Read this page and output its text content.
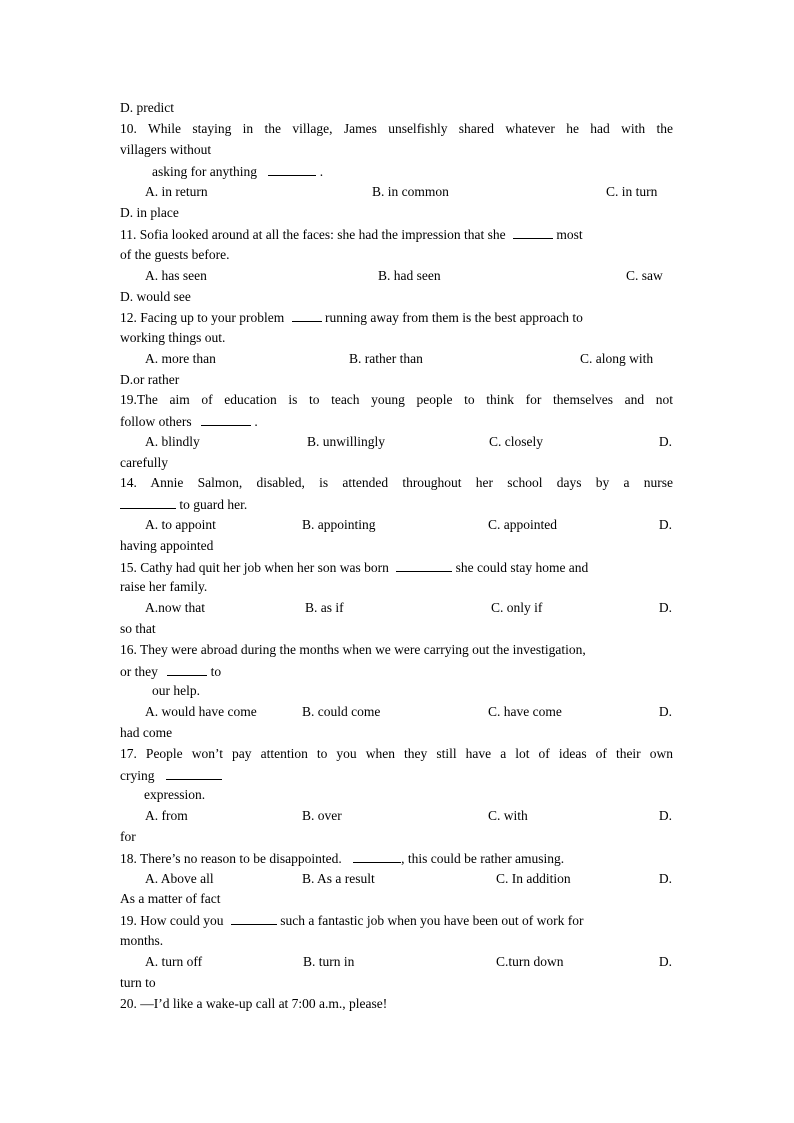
D. predict
10. While staying in the village, James unselfishly shared whatever he had with the
villagers without
asking for anything	.
A. in return	B. in common	C. in turn
D. in place
11. Sofia looked around at all the faces: she had the impression that she	most
of the guests before.
A. has seen	B. had seen	C. saw
D. would see
12. Facing up to your problem	running away from them is the best approach to
working things out.
A. more than	B. rather than	C. along with
D.or rather
19.The aim of education is to teach young people to think for themselves and not
follow others	.
A. blindly	B. unwillingly	C. closely	D.
carefully
14. Annie Salmon, disabled, is attended throughout her school days by a nurse
to guard her.
A. to appoint	B. appointing	C. appointed	D.
having appointed
15. Cathy had quit her job when her son was born	she could stay home and
raise her family.
A.now that	B. as if	C. only if	D.
so that
16. They were abroad during the months when we were carrying out the investigation,
or they	to
our help.
A. would have come	B. could come	C. have come	D.
had come
17. People won’t pay attention to you when they still have a lot of ideas of their own
crying
expression.
A. from	B. over	C. with	D.
for
18. There’s no reason to be disappointed.	, this could be rather amusing.
A. Above all	B. As a result	C. In addition	D.
As a matter of fact
19. How could you	such a fantastic job when you have been out of work for
months.
A. turn off	B. turn in	C.turn down	D.
turn to
20. —I’d like a wake-up call at 7:00 a.m., please!
